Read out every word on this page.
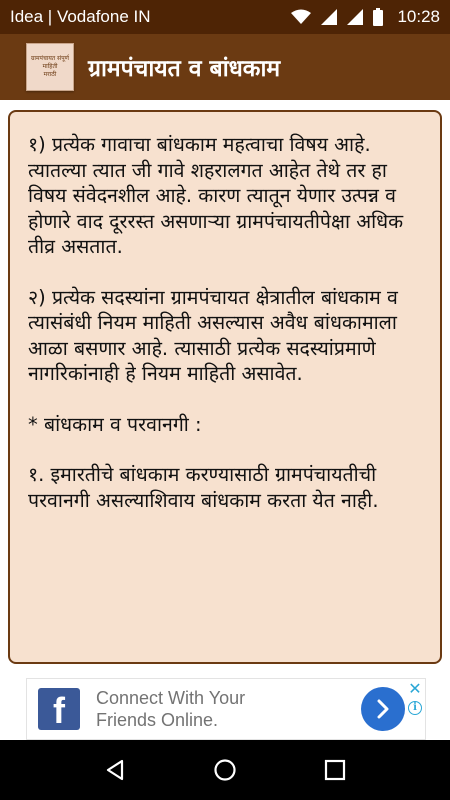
Idea | Vodafone IN	10:28
ग्रामपंचायत संपूर्ण
माहिती
मराठी ग्रामपंचायत व बांधकाम

१) प्रत्येक गावाचा बांधकाम महत्वाचा विषय आहे. त्यातल्या त्यात जी गावे शहरालगत आहेत तेथे तर हा विषय संवेदनशील आहे. कारण त्यातून येणार उत्पन्न व होणारे वाद दूररस्त असणाऱ्या ग्रामपंचायतीपेक्षा अधिक तीव्र असतात.

२) प्रत्येक सदस्यांना ग्रामपंचायत क्षेत्रातील बांधकाम व त्यासंबंधी नियम माहिती असल्यास अवैध बांधकामाला आळा बसणार आहे. त्यासाठी प्रत्येक सदस्यांप्रमाणे नागरिकांनाही हे नियम माहिती असावेत.

* बांधकाम व परवानगी :

१. इमारतीचे बांधकाम करण्यासाठी ग्रामपंचायतीची परवानगी असल्याशिवाय बांधकाम करता येत नाही.

f	Connect With Your
Friends Online.
✕
i
